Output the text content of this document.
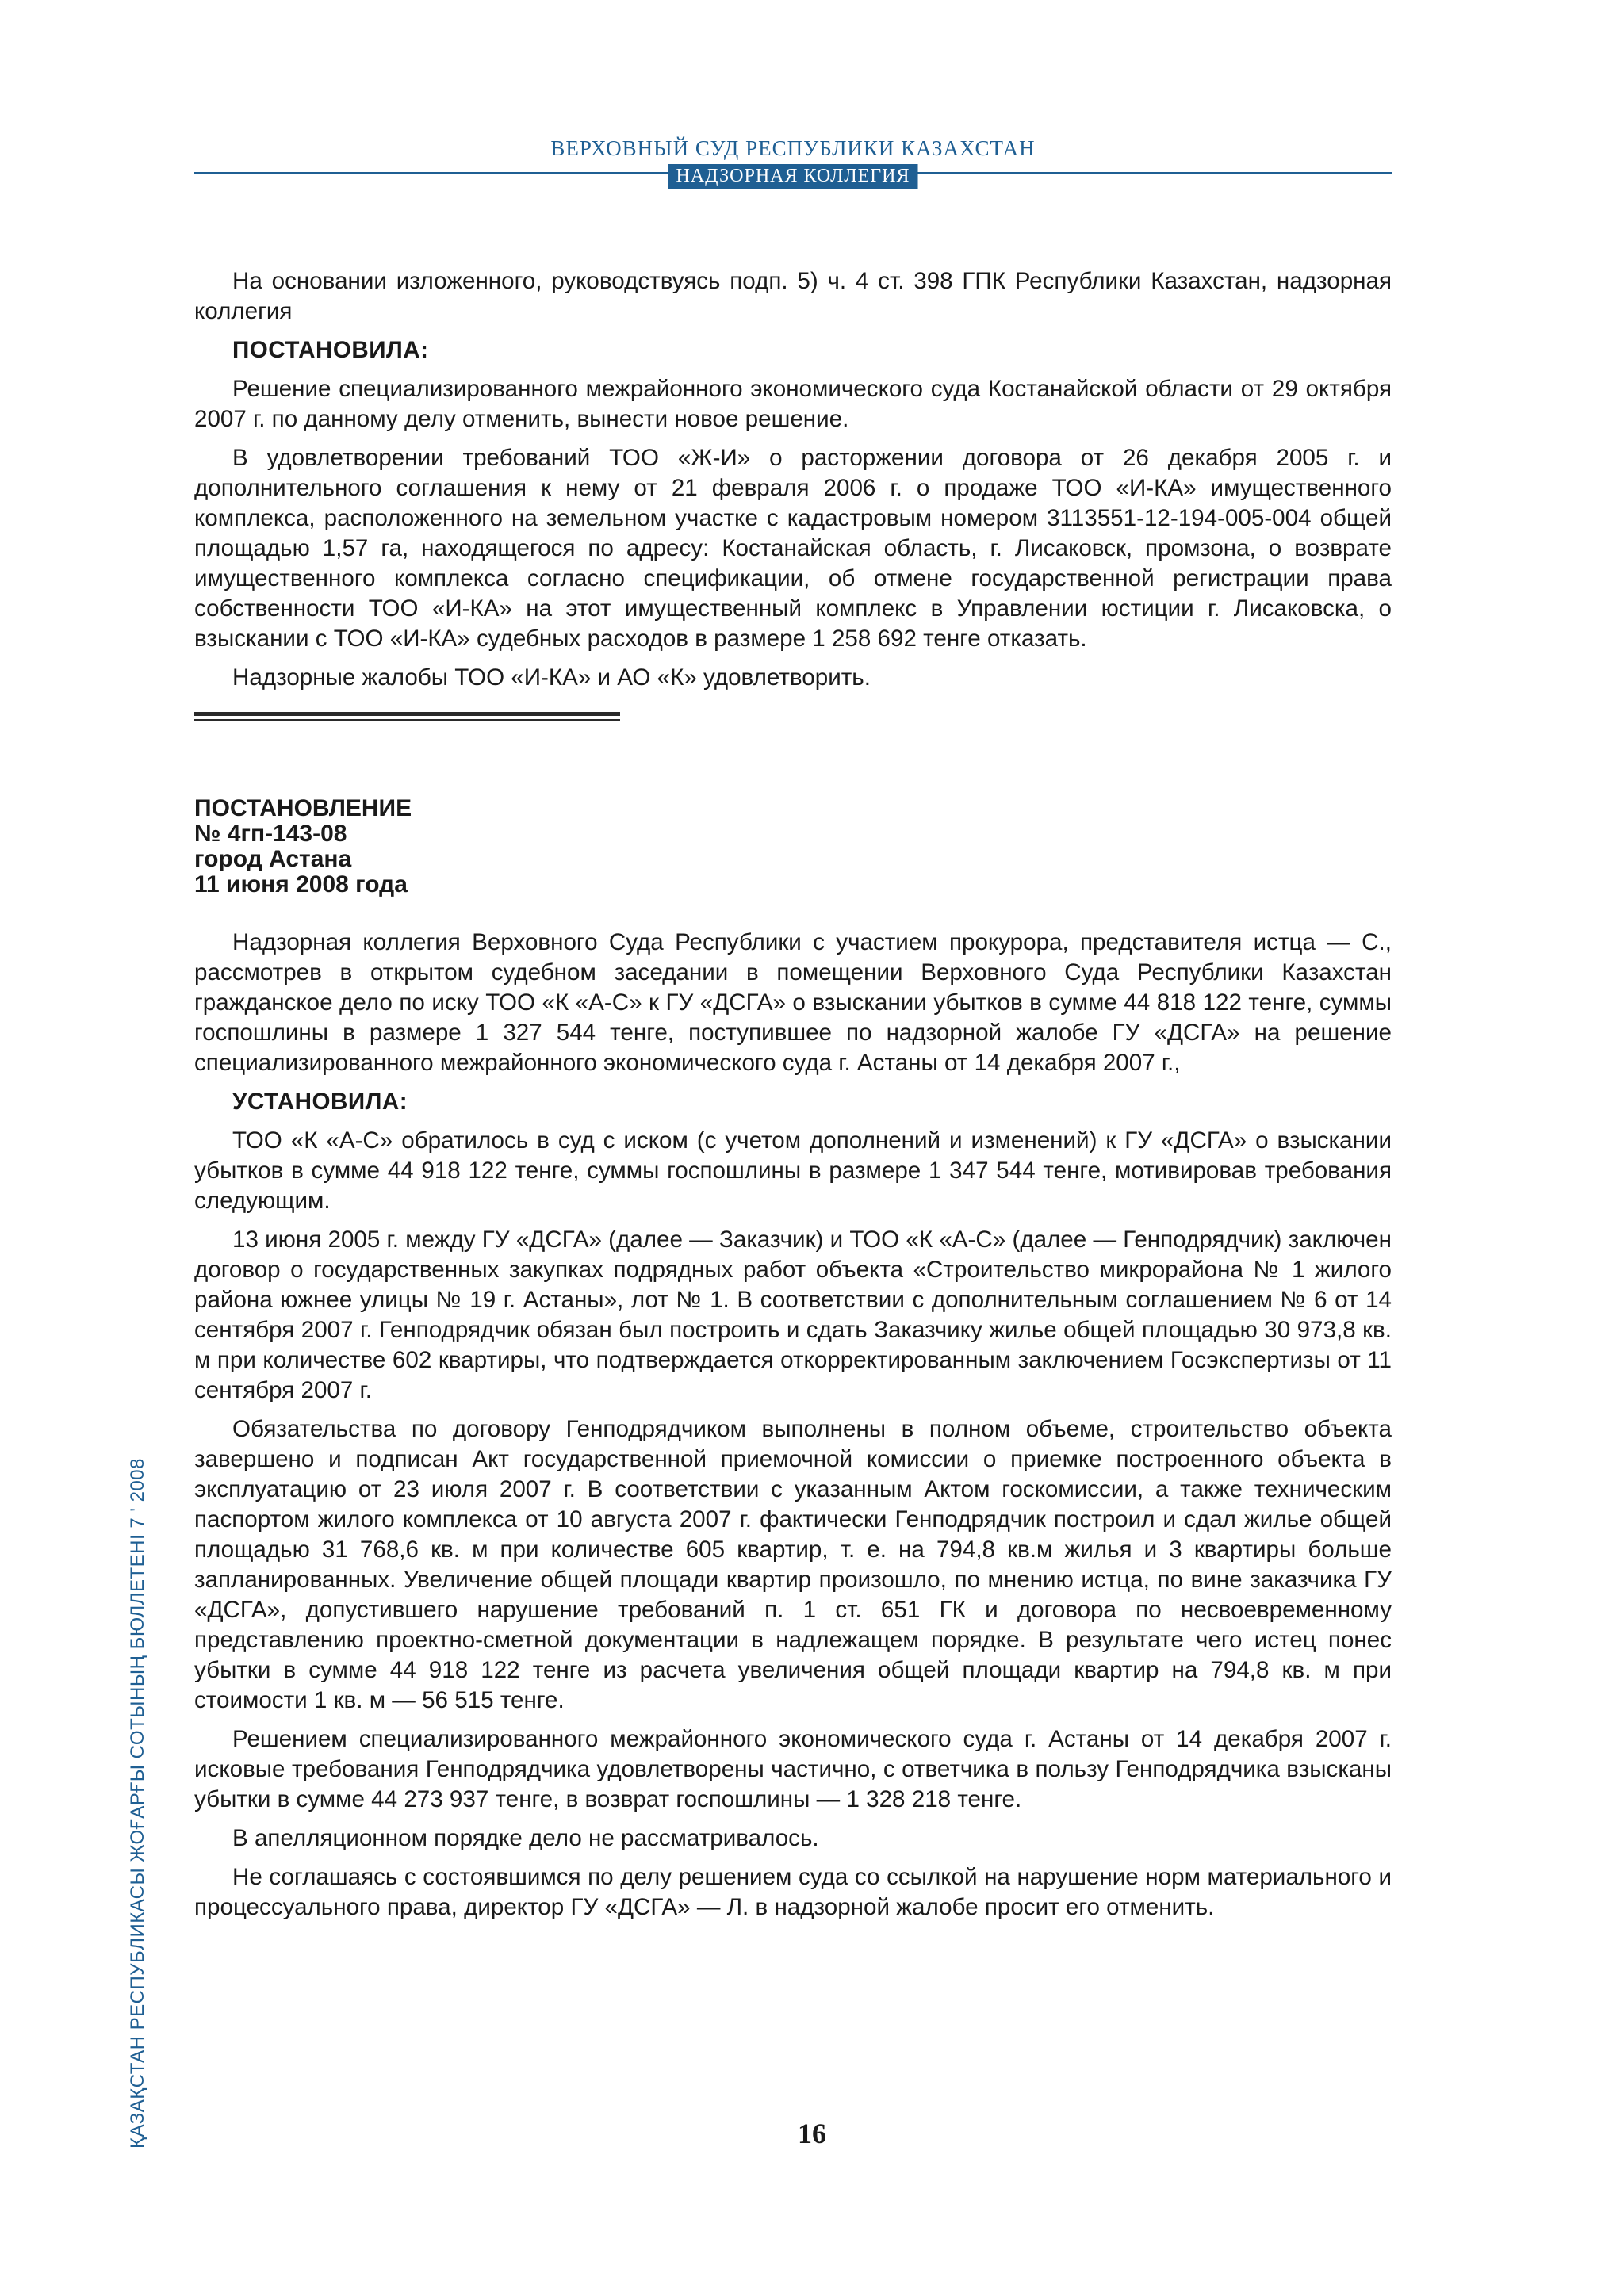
ВЕРХОВНЫЙ СУД РЕСПУБЛИКИ КАЗАХСТАН
НАДЗОРНАЯ КОЛЛЕГИЯ

На основании изложенного, руководствуясь подп. 5) ч. 4 ст. 398 ГПК Республики Казахстан, надзорная коллегия

ПОСТАНОВИЛА:

Решение специализированного межрайонного экономического суда Костанайской области от 29 октября 2007 г. по данному делу отменить, вынести новое решение.

В удовлетворении требований ТОО «Ж-И» о расторжении договора от 26 декабря 2005 г. и дополнительного соглашения к нему от 21 февраля 2006 г. о продаже ТОО «И-КА» имущественного комплекса, расположенного на земельном участке с кадастровым номером 3113551-12-194-005-004 общей площадью 1,57 га, находящегося по адресу: Костанайская область, г. Лисаковск, промзона, о возврате имущественного комплекса согласно спецификации, об отмене государственной регистрации права собственности ТОО «И-КА» на этот имущественный комплекс в Управлении юстиции г. Лисаковска, о взыскании с ТОО «И-КА» судебных расходов в размере 1 258 692 тенге отказать.

Надзорные жалобы ТОО «И-КА» и АО «К» удовлетворить.

ПОСТАНОВЛЕНИЕ
№ 4гп-143-08
город Астана
11 июня 2008 года

Надзорная коллегия Верховного Суда Республики с участием прокурора, представителя истца — С., рассмотрев в открытом судебном заседании в помещении Верховного Суда Республики Казахстан гражданское дело по иску ТОО «К «А-С» к ГУ «ДСГА» о взыскании убытков в сумме 44 818 122 тенге, суммы госпошлины в размере 1 327 544 тенге, поступившее по надзорной жалобе ГУ «ДСГА» на решение специализированного межрайонного экономического суда г. Астаны от 14 декабря 2007 г.,

УСТАНОВИЛА:

ТОО «К «А-С» обратилось в суд с иском (с учетом дополнений и изменений) к ГУ «ДСГА» о взыскании убытков в сумме 44 918 122 тенге, суммы госпошлины в размере 1 347 544 тенге, мотивировав требования следующим.

13 июня 2005 г. между ГУ «ДСГА» (далее — Заказчик) и ТОО «К «А-С» (далее — Генподрядчик) заключен договор о государственных закупках подрядных работ объекта «Строительство микрорайона № 1 жилого района южнее улицы № 19 г. Астаны», лот № 1. В соответствии с дополнительным соглашением № 6 от 14 сентября 2007 г. Генподрядчик обязан был построить и сдать Заказчику жилье общей площадью 30 973,8 кв. м при количестве 602 квартиры, что подтверждается откорректированным заключением Госэкспертизы от 11 сентября 2007 г.

Обязательства по договору Генподрядчиком выполнены в полном объеме, строительство объекта завершено и подписан Акт государственной приемочной комиссии о приемке построенного объекта в эксплуатацию от 23 июля 2007 г. В соответствии с указанным Актом госкомиссии, а также техническим паспортом жилого комплекса от 10 августа 2007 г. фактически Генподрядчик построил и сдал жилье общей площадью 31 768,6 кв. м при количестве 605 квартир, т. е. на 794,8 кв.м жилья и 3 квартиры больше запланированных. Увеличение общей площади квартир произошло, по мнению истца, по вине заказчика ГУ «ДСГА», допустившего нарушение требований п. 1 ст. 651 ГК и договора по несвоевременному представлению проектно-сметной документации в надлежащем порядке. В результате чего истец понес убытки в сумме 44 918 122 тенге из расчета увеличения общей площади квартир на 794,8 кв. м при стоимости 1 кв. м — 56 515 тенге.

Решением специализированного межрайонного экономического суда г. Астаны от 14 декабря 2007 г. исковые требования Генподрядчика удовлетворены частично, с ответчика в пользу Генподрядчика взысканы убытки в сумме 44 273 937 тенге, в возврат госпошлины — 1 328 218 тенге.

В апелляционном порядке дело не рассматривалось.

Не соглашаясь с состоявшимся по делу решением суда со ссылкой на нарушение норм материального и процессуального права, директор ГУ «ДСГА» — Л. в надзорной жалобе просит его отменить.

ҚАЗАҚСТАН РЕСПУБЛИКАСЫ ЖОҒАРҒЫ СОТЫНЫҢ БЮЛЛЕТЕНІ 7 ' 2008	16
